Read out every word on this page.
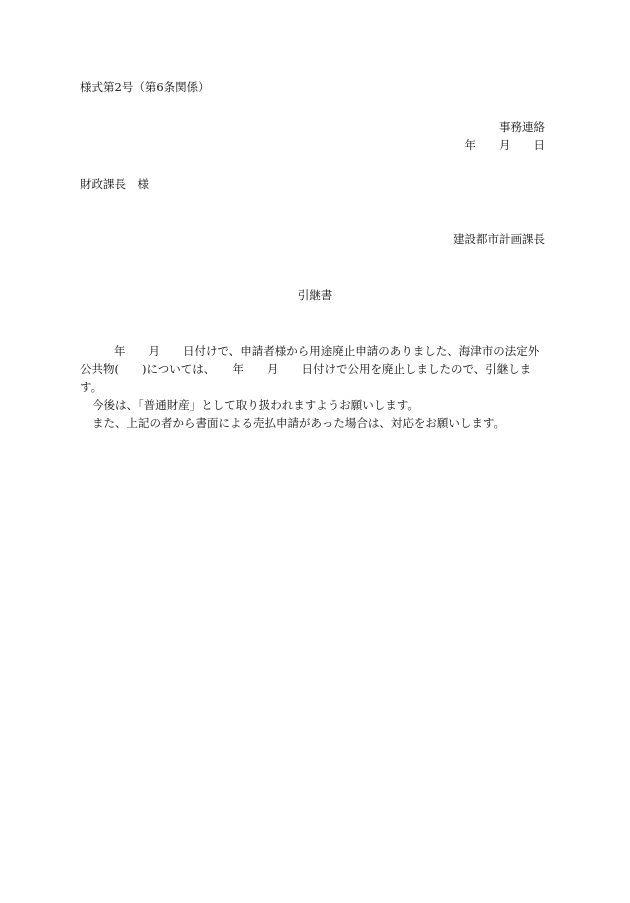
様式第2号（第6条関係）
事務連絡
年　　月　　日
財政課長　様
建設都市計画課長
引継書

年　　月　　日付けで、申請者様から用途廃止申請のありました、海津市の法定外公共物(　　)については、　　年　　月　　日付けで公用を廃止しましたので、引継します。

今後は、「普通財産」として取り扱われますようお願いします。

また、上記の者から書面による売払申請があった場合は、対応をお願いします。
